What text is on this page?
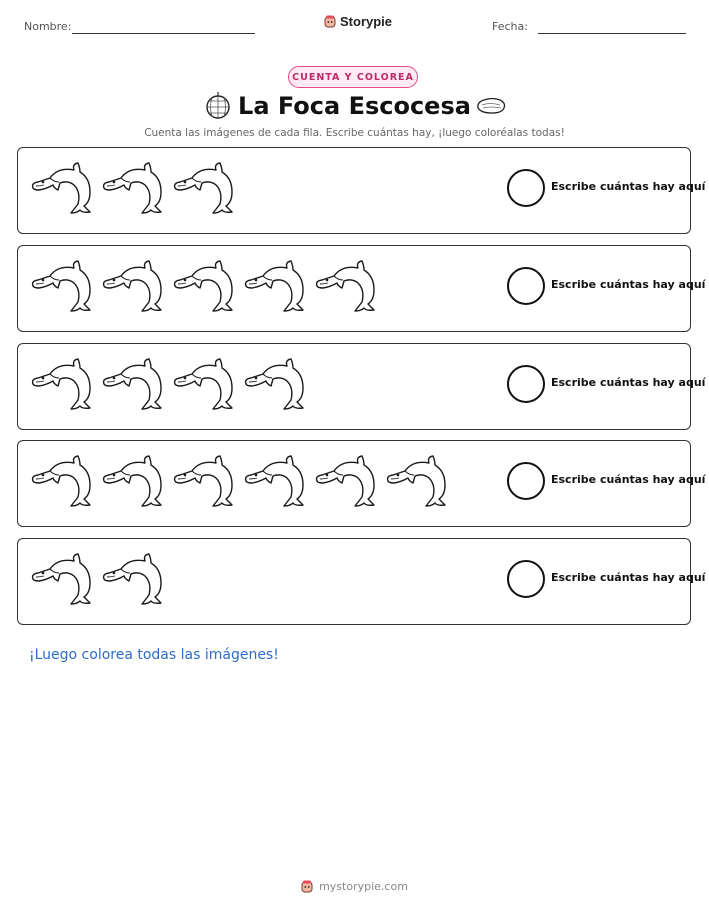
Nombre:	Storypie	Fecha:
CUENTA Y COLOREA
La Foca Escocesa
Cuenta las imágenes de cada fila. Escribe cuántas hay, ¡luego coloréalas todas!
Escribe cuántas hay aquí
Escribe cuántas hay aquí
Escribe cuántas hay aquí
Escribe cuántas hay aquí
Escribe cuántas hay aquí
¡Luego colorea todas las imágenes!
mystorypie.com
